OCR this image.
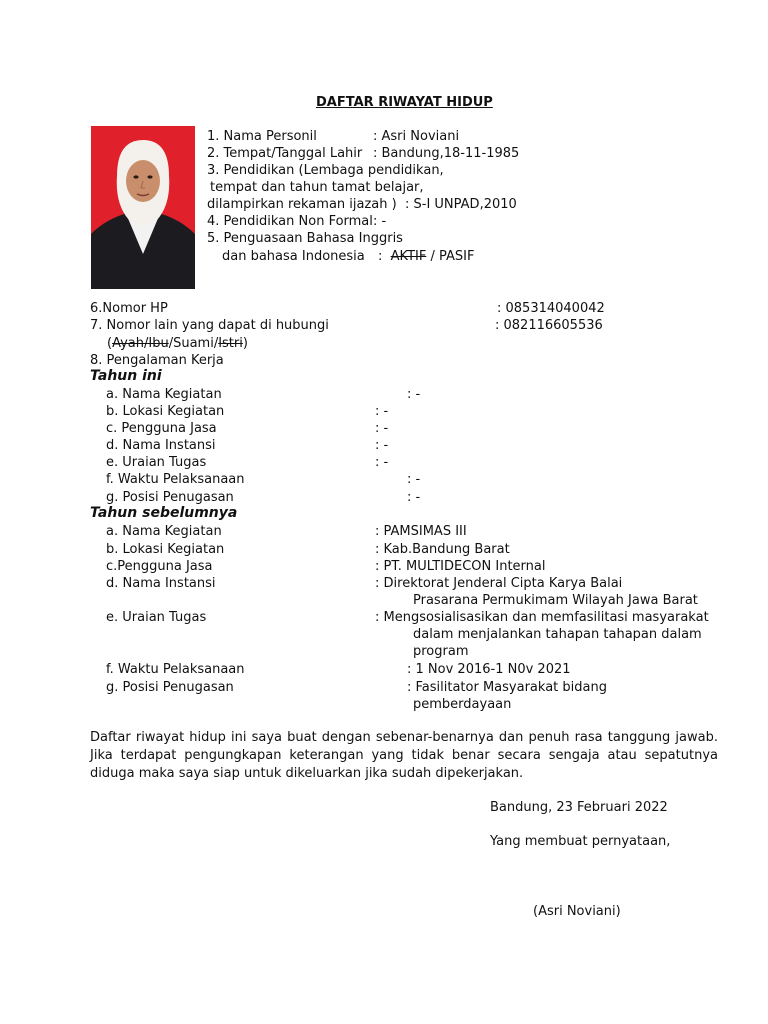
DAFTAR RIWAYAT HIDUP
1. Nama Personil	: Asri Noviani
2. Tempat/Tanggal Lahir : Bandung,18-11-1985
3. Pendidikan (Lembaga pendidikan,
tempat dan tahun tamat belajar,
dilampirkan rekaman ijazah ) : S-I UNPAD,2010
4. Pendidikan Non Formal : -
5. Penguasaan Bahasa Inggris
dan bahasa Indonesia : AKTIF / PASIF
6.Nomor HP	: 085314040042
7. Nomor lain yang dapat di hubungi	: 082116605536
(Ayah/Ibu/Suami/Istri)
8. Pengalaman Kerja
Tahun ini
a. Nama Kegiatan	: -
b. Lokasi Kegiatan	: -
c. Pengguna Jasa	: -
d. Nama Instansi	: -
e. Uraian Tugas	: -
f. Waktu Pelaksanaan	: -
g. Posisi Penugasan	: -
Tahun sebelumnya
a. Nama Kegiatan	: PAMSIMAS III
b. Lokasi Kegiatan	: Kab.Bandung Barat
c.Pengguna Jasa	: PT. MULTIDECON Internal
d. Nama Instansi	: Direktorat Jenderal Cipta Karya Balai
Prasarana Permukimam Wilayah Jawa Barat
e. Uraian Tugas	: Mengsosialisasikan dan memfasilitasi masyarakat
dalam menjalankan tahapan tahapan dalam
program
f. Waktu Pelaksanaan	: 1 Nov 2016-1 N0v 2021
g. Posisi Penugasan	: Fasilitator Masyarakat bidang
pemberdayaan
Daftar riwayat hidup ini saya buat dengan sebenar-benarnya dan penuh rasa tanggung jawab. Jika terdapat pengungkapan keterangan yang tidak benar secara sengaja atau sepatutnya diduga maka saya siap untuk dikeluarkan jika sudah dipekerjakan.
Bandung, 23 Februari 2022
Yang membuat pernyataan,
(Asri Noviani)
